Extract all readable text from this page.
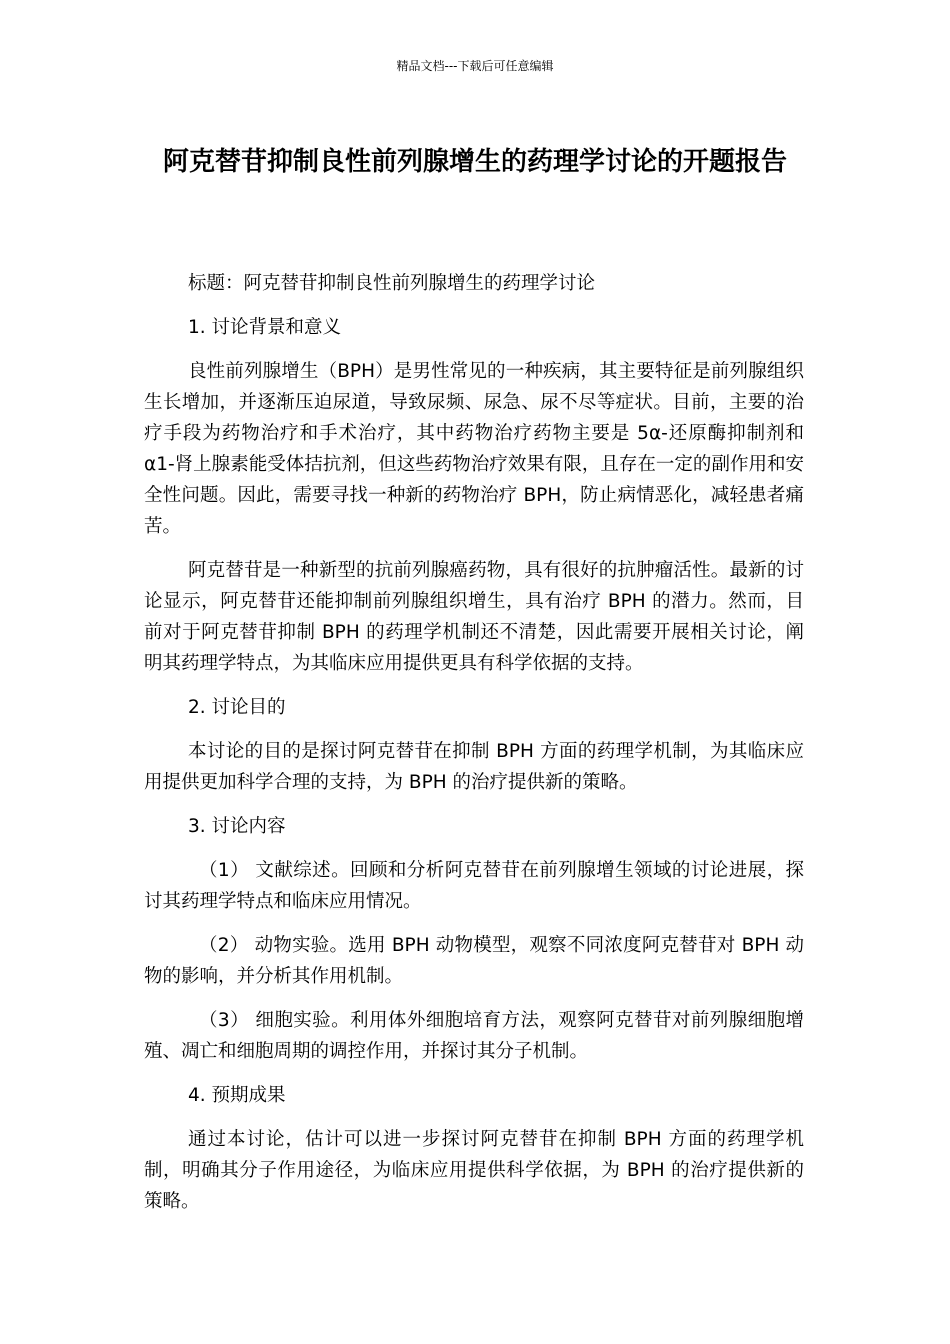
精品文档---下载后可任意编辑
阿克替苷抑制良性前列腺增生的药理学讨论的开题报告

标题：阿克替苷抑制良性前列腺增生的药理学讨论

1. 讨论背景和意义

良性前列腺增生（BPH）是男性常见的一种疾病，其主要特征是前列腺组织生长增加，并逐渐压迫尿道，导致尿频、尿急、尿不尽等症状。目前，主要的治疗手段为药物治疗和手术治疗，其中药物治疗药物主要是 5α-还原酶抑制剂和 α1-肾上腺素能受体拮抗剂，但这些药物治疗效果有限，且存在一定的副作用和安全性问题。因此，需要寻找一种新的药物治疗 BPH，防止病情恶化，减轻患者痛苦。

阿克替苷是一种新型的抗前列腺癌药物，具有很好的抗肿瘤活性。最新的讨论显示，阿克替苷还能抑制前列腺组织增生，具有治疗 BPH 的潜力。然而，目前对于阿克替苷抑制 BPH 的药理学机制还不清楚，因此需要开展相关讨论，阐明其药理学特点，为其临床应用提供更具有科学依据的支持。

2. 讨论目的

本讨论的目的是探讨阿克替苷在抑制 BPH 方面的药理学机制，为其临床应用提供更加科学合理的支持，为 BPH 的治疗提供新的策略。

3. 讨论内容

（1） 文献综述。回顾和分析阿克替苷在前列腺增生领域的讨论进展，探讨其药理学特点和临床应用情况。

（2） 动物实验。选用 BPH 动物模型，观察不同浓度阿克替苷对 BPH 动物的影响，并分析其作用机制。

（3） 细胞实验。利用体外细胞培育方法，观察阿克替苷对前列腺细胞增殖、凋亡和细胞周期的调控作用，并探讨其分子机制。

4. 预期成果

通过本讨论，估计可以进一步探讨阿克替苷在抑制 BPH 方面的药理学机制，明确其分子作用途径，为临床应用提供科学依据，为 BPH 的治疗提供新的策略。
